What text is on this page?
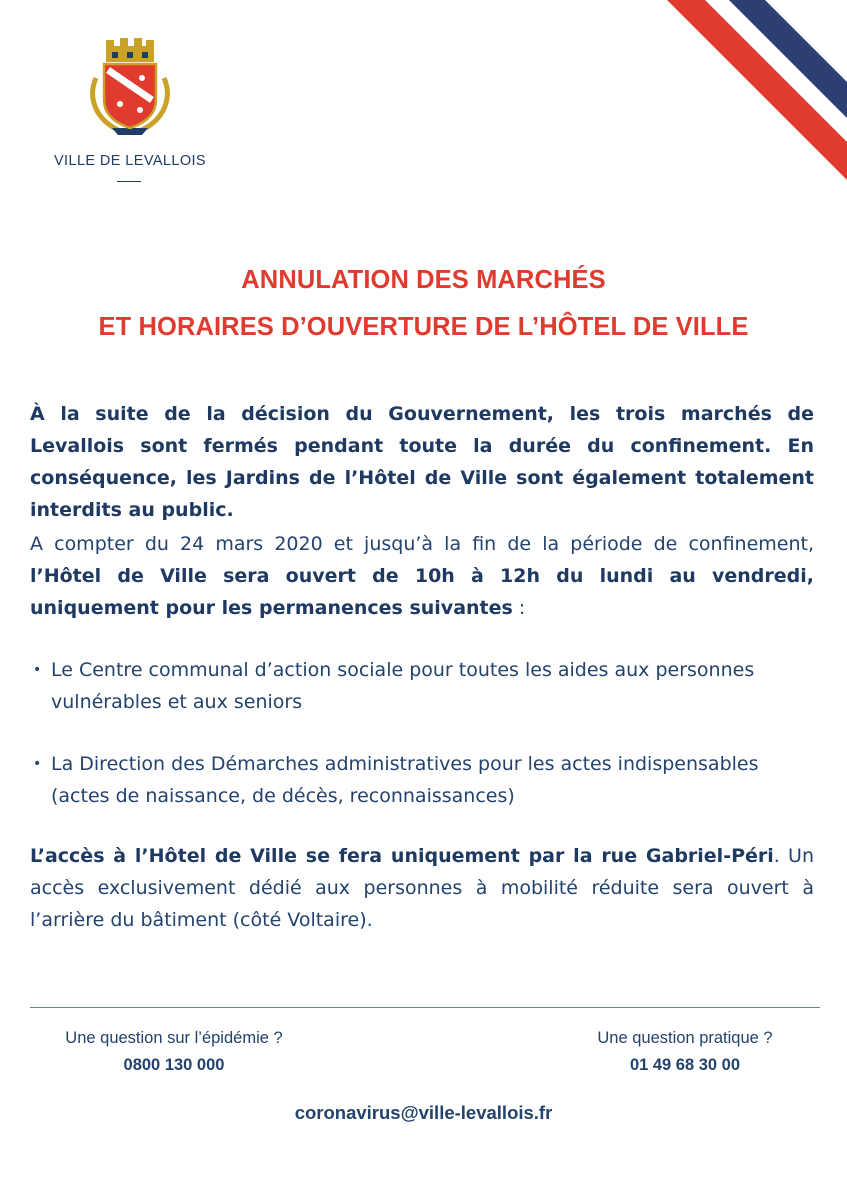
VILLE DE LEVALLOIS
ANNULATION DES MARCHÉS
ET HORAIRES D’OUVERTURE DE L’HÔTEL DE VILLE
À la suite de la décision du Gouvernement, les trois marchés de Levallois sont fermés pendant toute la durée du confinement. En conséquence, les Jardins de l’Hôtel de Ville sont également totalement interdits au public.
A compter du 24 mars 2020 et jusqu’à la fin de la période de confinement, l’Hôtel de Ville sera ouvert de 10h à 12h du lundi au vendredi, uniquement pour les permanences suivantes :
• Le Centre communal d’action sociale pour toutes les aides aux personnes vulnérables et aux seniors
• La Direction des Démarches administratives pour les actes indispensables (actes de naissance, de décès, reconnaissances)
L’accès à l’Hôtel de Ville se fera uniquement par la rue Gabriel-Péri. Un accès exclusivement dédié aux personnes à mobilité réduite sera ouvert à l’arrière du bâtiment (côté Voltaire).
Une question sur l’épidémie ?
0800 130 000
Une question pratique ?
01 49 68 30 00
coronavirus@ville-levallois.fr
